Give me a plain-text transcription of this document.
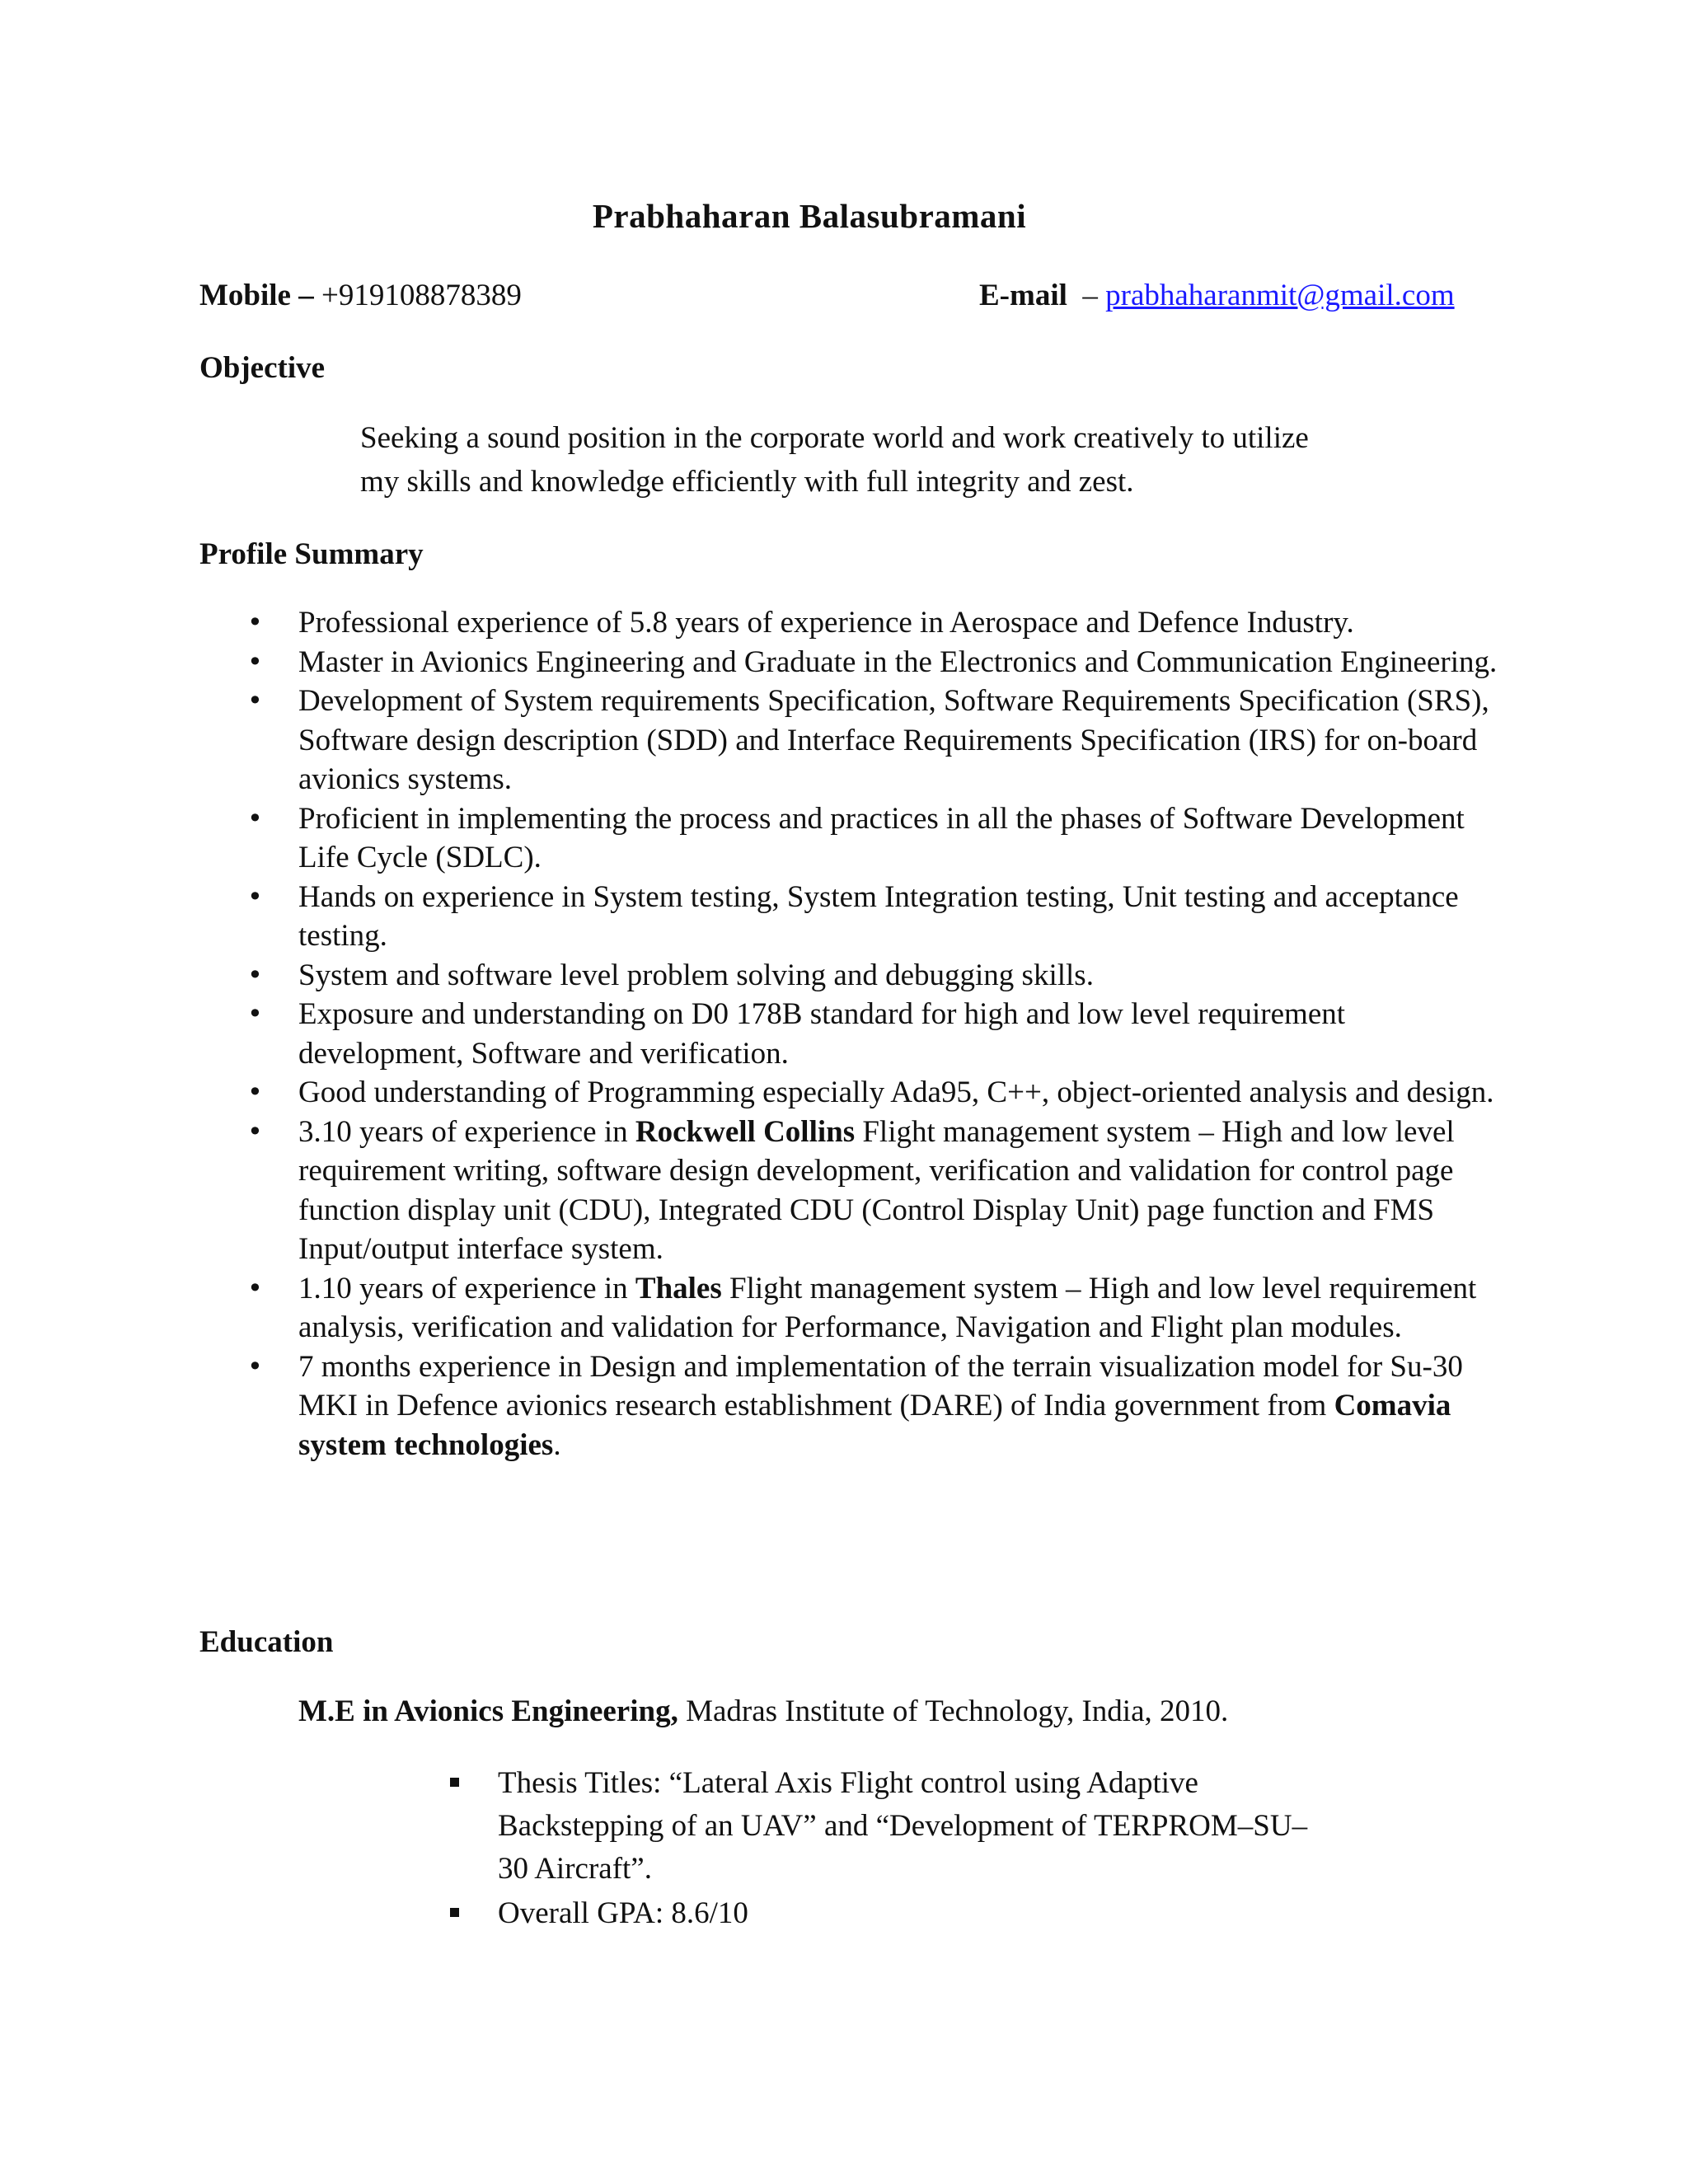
Prabhaharan Balasubramani
Mobile – +919108878389	E-mail  – prabhaharanmit@gmail.com
Objective
Seeking a sound position in the corporate world and work creatively to utilize
my skills and knowledge efficiently with full integrity and zest.
Profile Summary
• Professional experience of 5.8 years of experience in Aerospace and Defence Industry.
• Master in Avionics Engineering and Graduate in the Electronics and Communication Engineering.
• Development of System requirements Specification, Software Requirements Specification (SRS), Software design description (SDD) and Interface Requirements Specification (IRS) for on-board avionics systems.
• Proficient in implementing the process and practices in all the phases of Software Development Life Cycle (SDLC).
• Hands on experience in System testing, System Integration testing, Unit testing and acceptance testing.
• System and software level problem solving and debugging skills.
• Exposure and understanding on D0 178B standard for high and low level requirement development, Software and verification.
• Good understanding of Programming especially Ada95, C++, object-oriented analysis and design.
• 3.10 years of experience in Rockwell Collins Flight management system – High and low level requirement writing, software design development, verification and validation for control page function display unit (CDU), Integrated CDU (Control Display Unit) page function and FMS Input/output interface system.
• 1.10 years of experience in Thales Flight management system – High and low level requirement analysis, verification and validation for Performance, Navigation and Flight plan modules.
• 7 months experience in Design and implementation of the terrain visualization model for Su-30 MKI in Defence avionics research establishment (DARE) of India government from Comavia system technologies.
Education
M.E in Avionics Engineering, Madras Institute of Technology, India, 2010.
Thesis Titles: “Lateral Axis Flight control using Adaptive
Backstepping of an UAV” and “Development of TERPROM–SU–
30 Aircraft”.
Overall GPA: 8.6/10
